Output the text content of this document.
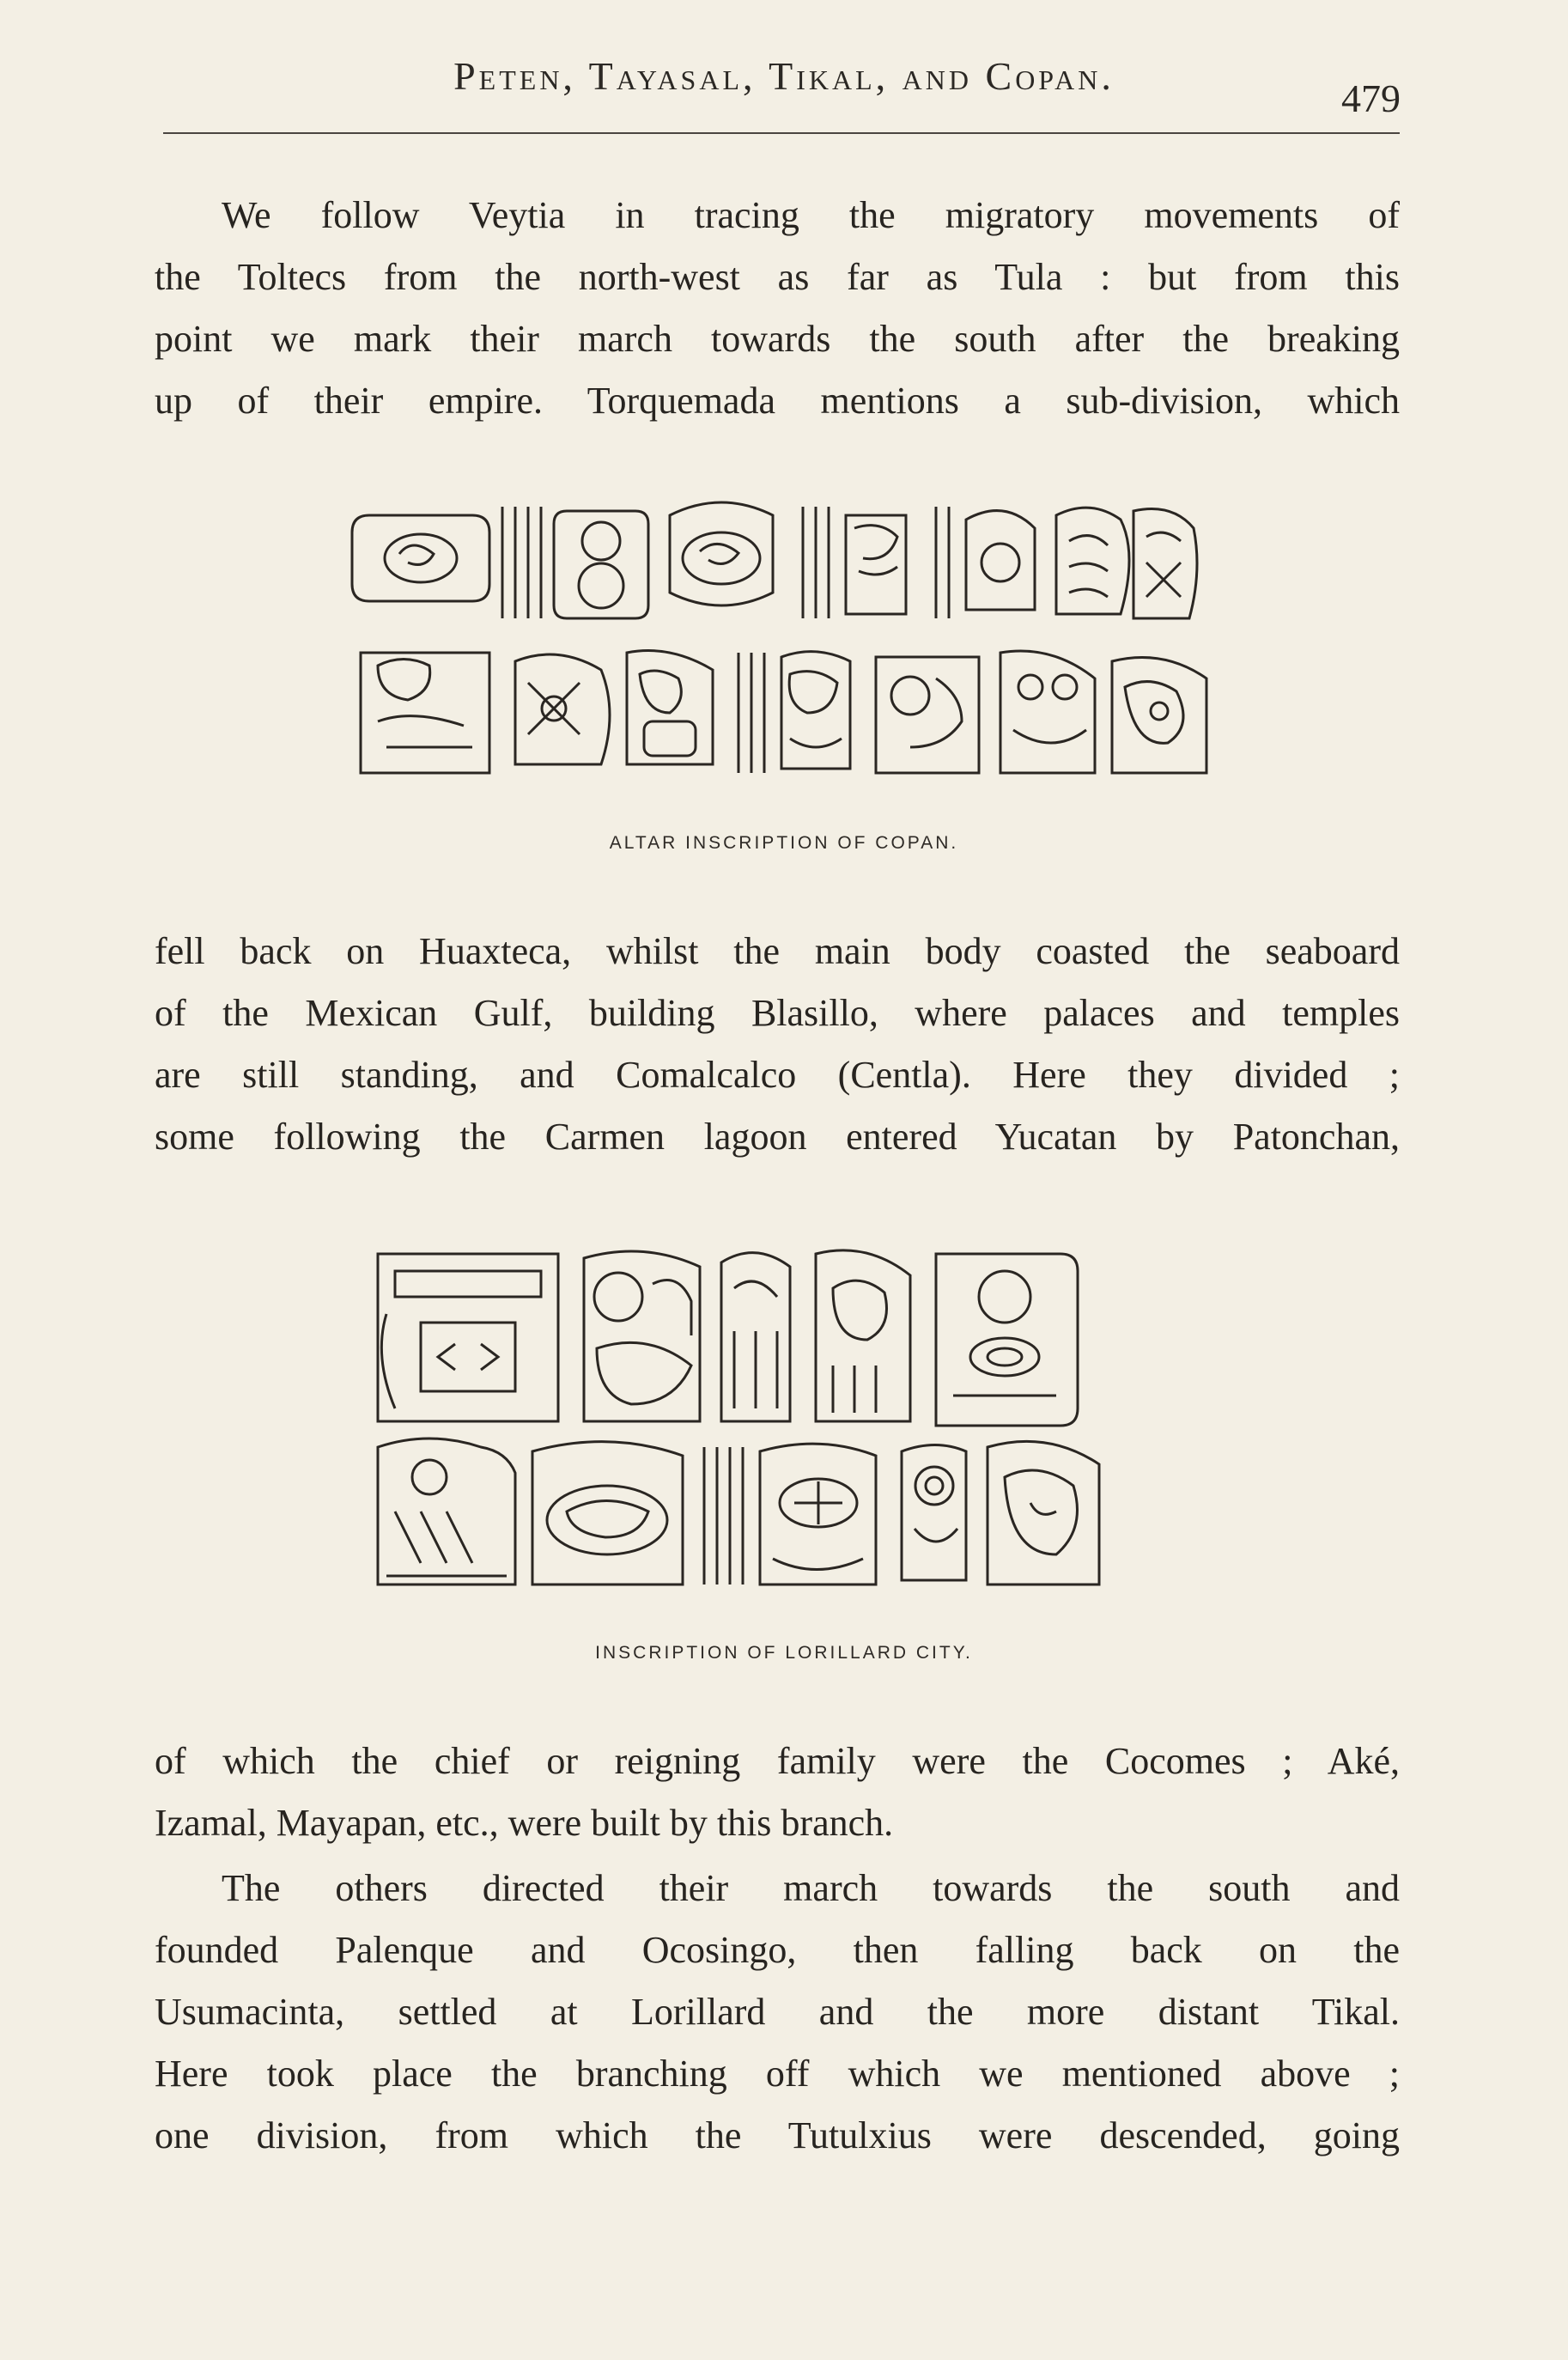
Peten, Tayasal, Tikal, and Copan.
479
We follow Veytia in tracing the migratory movements of
the Toltecs from the north-west as far as Tula : but from this
point we mark their march towards the south after the breaking
up of their empire. Torquemada mentions a sub-division, which
ALTAR INSCRIPTION OF COPAN.
fell back on Huaxteca, whilst the main body coasted the seaboard
of the Mexican Gulf, building Blasillo, where palaces and temples
are still standing, and Comalcalco (Centla). Here they divided ;
some following the Carmen lagoon entered Yucatan by Patonchan,
INSCRIPTION OF LORILLARD CITY.
of which the chief or reigning family were the Cocomes ; Aké,
Izamal, Mayapan, etc., were built by this branch.
The others directed their march towards the south and
founded Palenque and Ocosingo, then falling back on the
Usumacinta, settled at Lorillard and the more distant Tikal.
Here took place the branching off which we mentioned above ;
one division, from which the Tutulxius were descended, going
